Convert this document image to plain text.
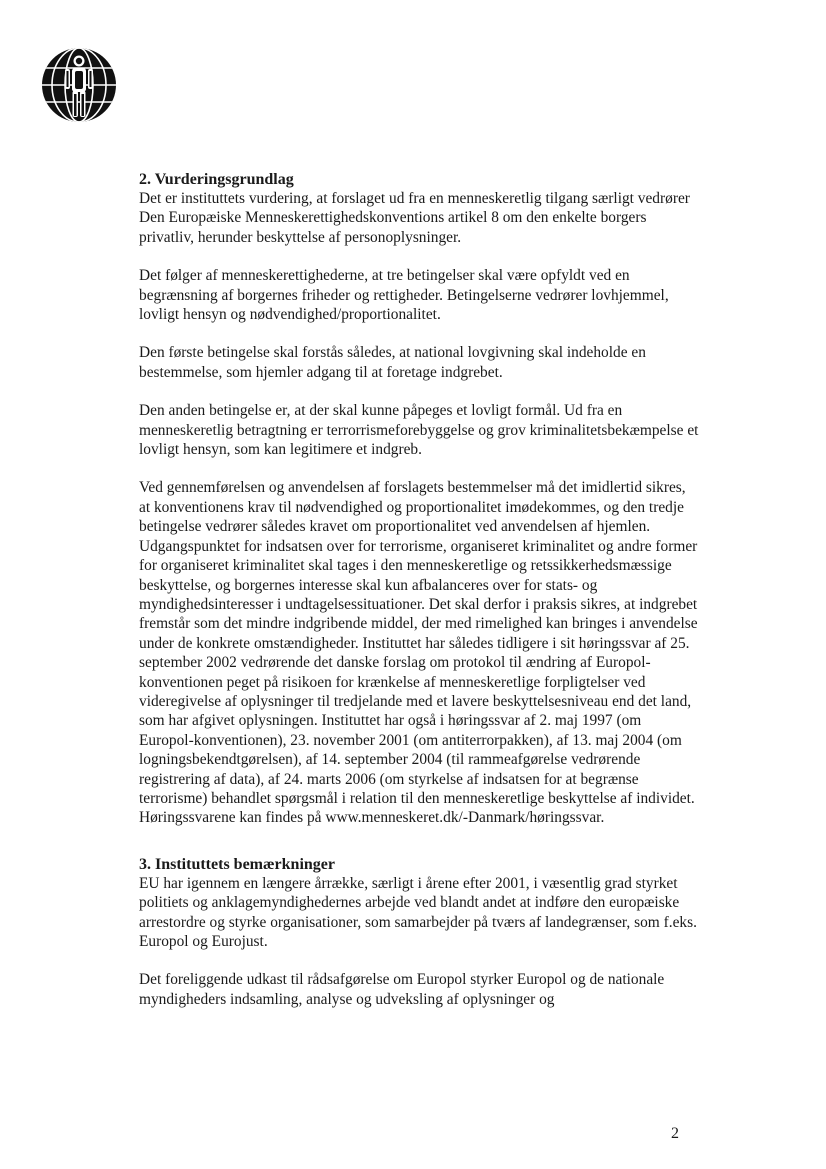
2. Vurderingsgrundlag

Det er instituttets vurdering, at forslaget ud fra en menneskeretlig tilgang særligt vedrører Den Europæiske Menneskerettighedskonventions artikel 8 om den enkelte borgers privatliv, herunder beskyttelse af personoplysninger.

Det følger af menneskerettighederne, at tre betingelser skal være opfyldt ved en begrænsning af borgernes friheder og rettigheder. Betingelserne vedrører lovhjemmel, lovligt hensyn og nødvendighed/proportionalitet.

Den første betingelse skal forstås således, at national lovgivning skal indeholde en bestemmelse, som hjemler adgang til at foretage indgrebet.

Den anden betingelse er, at der skal kunne påpeges et lovligt formål. Ud fra en menneskeretlig betragtning er terrorrismeforebyggelse og grov kriminalitetsbekæmpelse et lovligt hensyn, som kan legitimere et indgreb.

Ved gennemførelsen og anvendelsen af forslagets bestemmelser må det imidlertid sikres, at konventionens krav til nødvendighed og proportionalitet imødekommes, og den tredje betingelse vedrører således kravet om proportionalitet ved anvendelsen af hjemlen. Udgangspunktet for indsatsen over for terrorisme, organiseret kriminalitet og andre former for organiseret kriminalitet skal tages i den menneskeretlige og retssikkerhedsmæssige beskyttelse, og borgernes interesse skal kun afbalanceres over for stats- og myndighedsinteresser i undtagelsessituationer. Det skal derfor i praksis sikres, at indgrebet fremstår som det mindre indgribende middel, der med rimelighed kan bringes i anvendelse under de konkrete omstændigheder. Instituttet har således tidligere i sit høringssvar af 25. september 2002 vedrørende det danske forslag om protokol til ændring af Europol-konventionen peget på risikoen for krænkelse af menneskeretlige forpligtelser ved videregivelse af oplysninger til tredjelande med et lavere beskyttelsesniveau end det land, som har afgivet oplysningen. Instituttet har også i høringssvar af 2. maj 1997 (om Europol-konventionen), 23. november 2001 (om antiterrorpakken), af 13. maj 2004 (om logningsbekendtgørelsen), af 14. september 2004 (til rammeafgørelse vedrørende registrering af data), af 24. marts 2006 (om styrkelse af indsatsen for at begrænse terrorisme) behandlet spørgsmål i relation til den menneskeretlige beskyttelse af individet. Høringssvarene kan findes på www.menneskeret.dk/-Danmark/høringssvar.

3. Instituttets bemærkninger

EU har igennem en længere årrække, særligt i årene efter 2001, i væsentlig grad styrket politiets og anklagemyndighedernes arbejde ved blandt andet at indføre den europæiske arrestordre og styrke organisationer, som samarbejder på tværs af landegrænser, som f.eks. Europol og Eurojust.

Det foreliggende udkast til rådsafgørelse om Europol styrker Europol og de nationale myndigheders indsamling, analyse og udveksling af oplysninger og

2
